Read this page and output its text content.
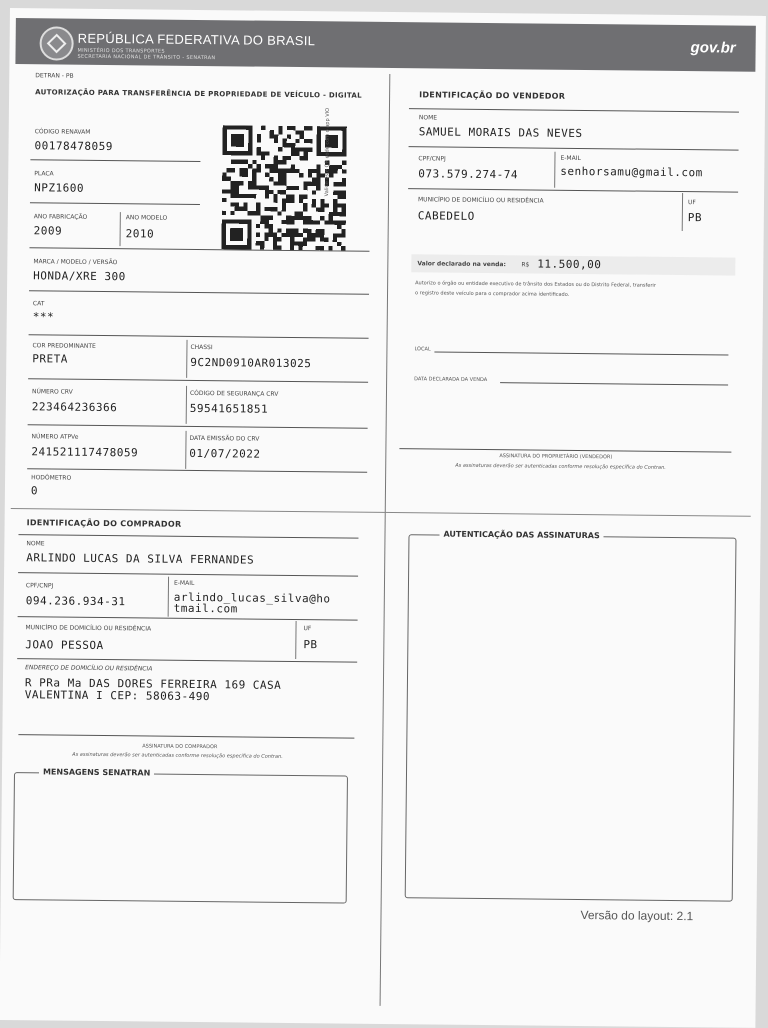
REPÚBLICA FEDERATIVA DO BRASIL
MINISTÉRIO DOS TRANSPORTES
SECRETARIA NACIONAL DE TRÂNSITO - SENATRAN
gov.br
DETRAN - PB
AUTORIZAÇÃO PARA TRANSFERÊNCIA DE PROPRIEDADE DE VEÍCULO - DIGITAL
CÓDIGO RENAVAM
00178478059
PLACA
NPZ1600
ANO FABRICAÇÃO
2009
ANO MODELO
2010
Valide este QR code com o app VIO
MARCA / MODELO / VERSÃO
HONDA/XRE 300
CAT
***
COR PREDOMINANTE
PRETA
CHASSI
9C2ND0910AR013025
NÚMERO CRV
223464236366
CÓDIGO DE SEGURANÇA CRV
59541651851
NÚMERO ATPVe
241521117478059
DATA EMISSÃO DO CRV
01/07/2022
HODÔMETRO
0
IDENTIFICAÇÃO DO VENDEDOR
NOME
SAMUEL MORAIS DAS NEVES
CPF/CNPJ
073.579.274-74
E-MAIL
senhorsamu@gmail.com
MUNICÍPIO DE DOMICÍLIO OU RESIDÊNCIA
CABEDELO
UF
PB
Valor declarado na venda:	R$ 11.500,00
Autorizo o órgão ou entidade executivo de trânsito dos Estados ou do Distrito Federal, transferir
o registro deste veículo para o comprador acima identificado.
LOCAL
DATA DECLARADA DA VENDA
ASSINATURA DO PROPRIETÁRIO (VENDEDOR)
As assinaturas deverão ser autenticadas conforme resolução específica do Contran.
IDENTIFICAÇÃO DO COMPRADOR
NOME
ARLINDO LUCAS DA SILVA FERNANDES
CPF/CNPJ
094.236.934-31
E-MAIL
arlindo_lucas_silva@ho
tmail.com
MUNICÍPIO DE DOMICÍLIO OU RESIDÊNCIA
JOAO PESSOA
UF
PB
ENDEREÇO DE DOMICÍLIO OU RESIDÊNCIA
R PRa Ma DAS DORES FERREIRA 169 CASA
VALENTINA I CEP: 58063-490
ASSINATURA DO COMPRADOR
As assinaturas deverão ser autenticadas conforme resolução específica do Contran.
MENSAGENS SENATRAN
AUTENTICAÇÃO DAS ASSINATURAS
Versão do layout: 2.1
